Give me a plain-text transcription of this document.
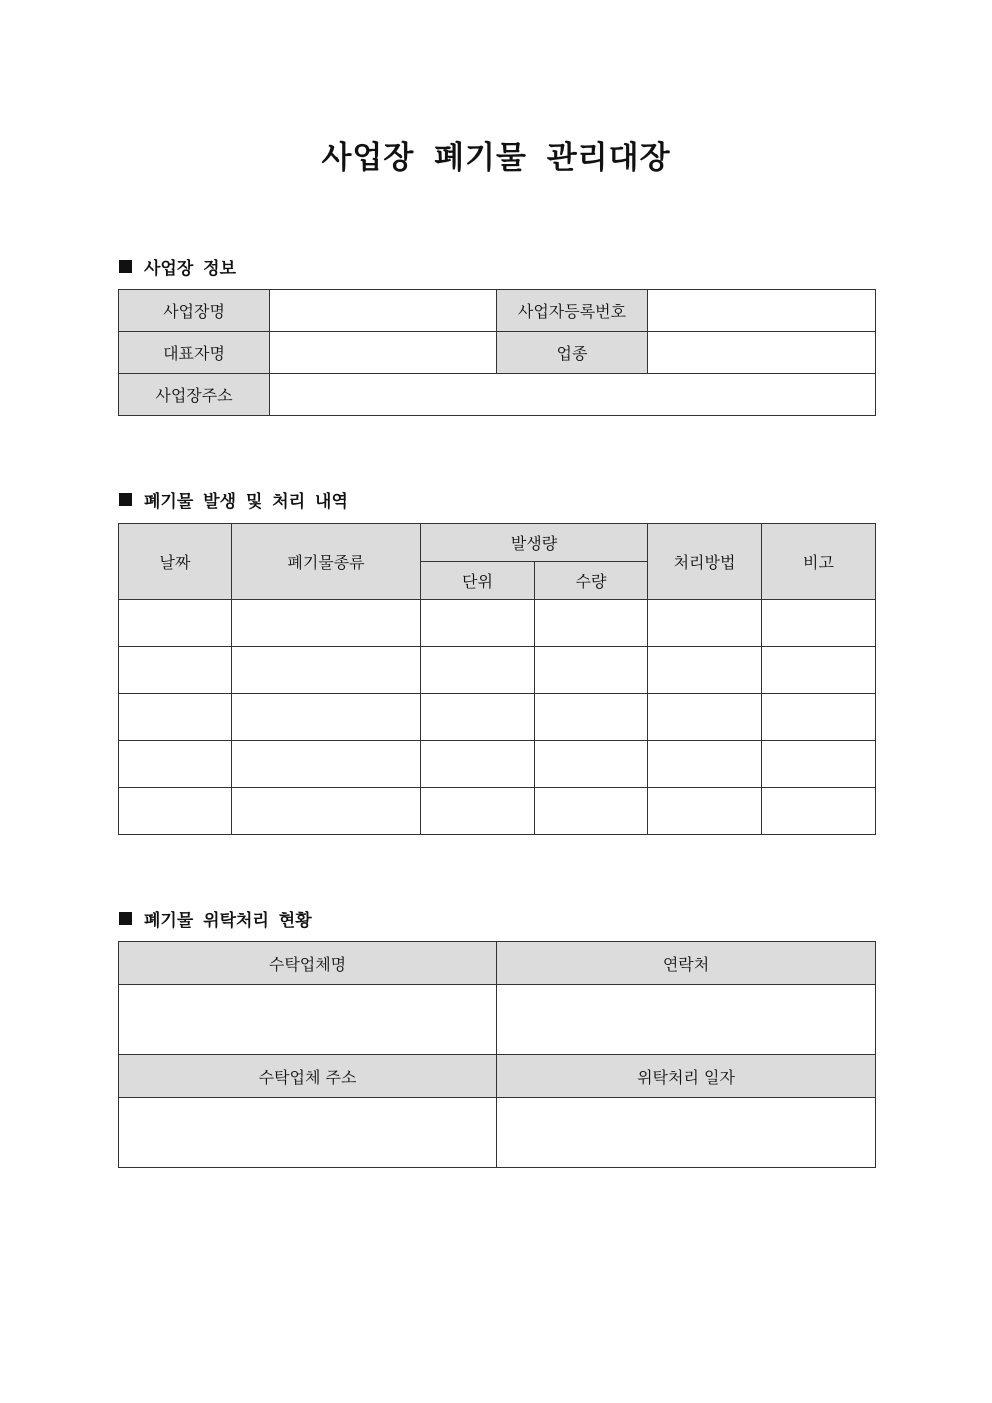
사업장 폐기물 관리대장
사업장 정보
사업장명		사업자등록번호	
대표자명		업종	
사업장주소			
폐기물 발생 및 처리 내역
날짜	폐기물종류	발생량		처리방법	비고
		단위	수량		

폐기물 위탁처리 현황
수탁업체명	연락처

수탁업체 주소	위탁처리 일자
